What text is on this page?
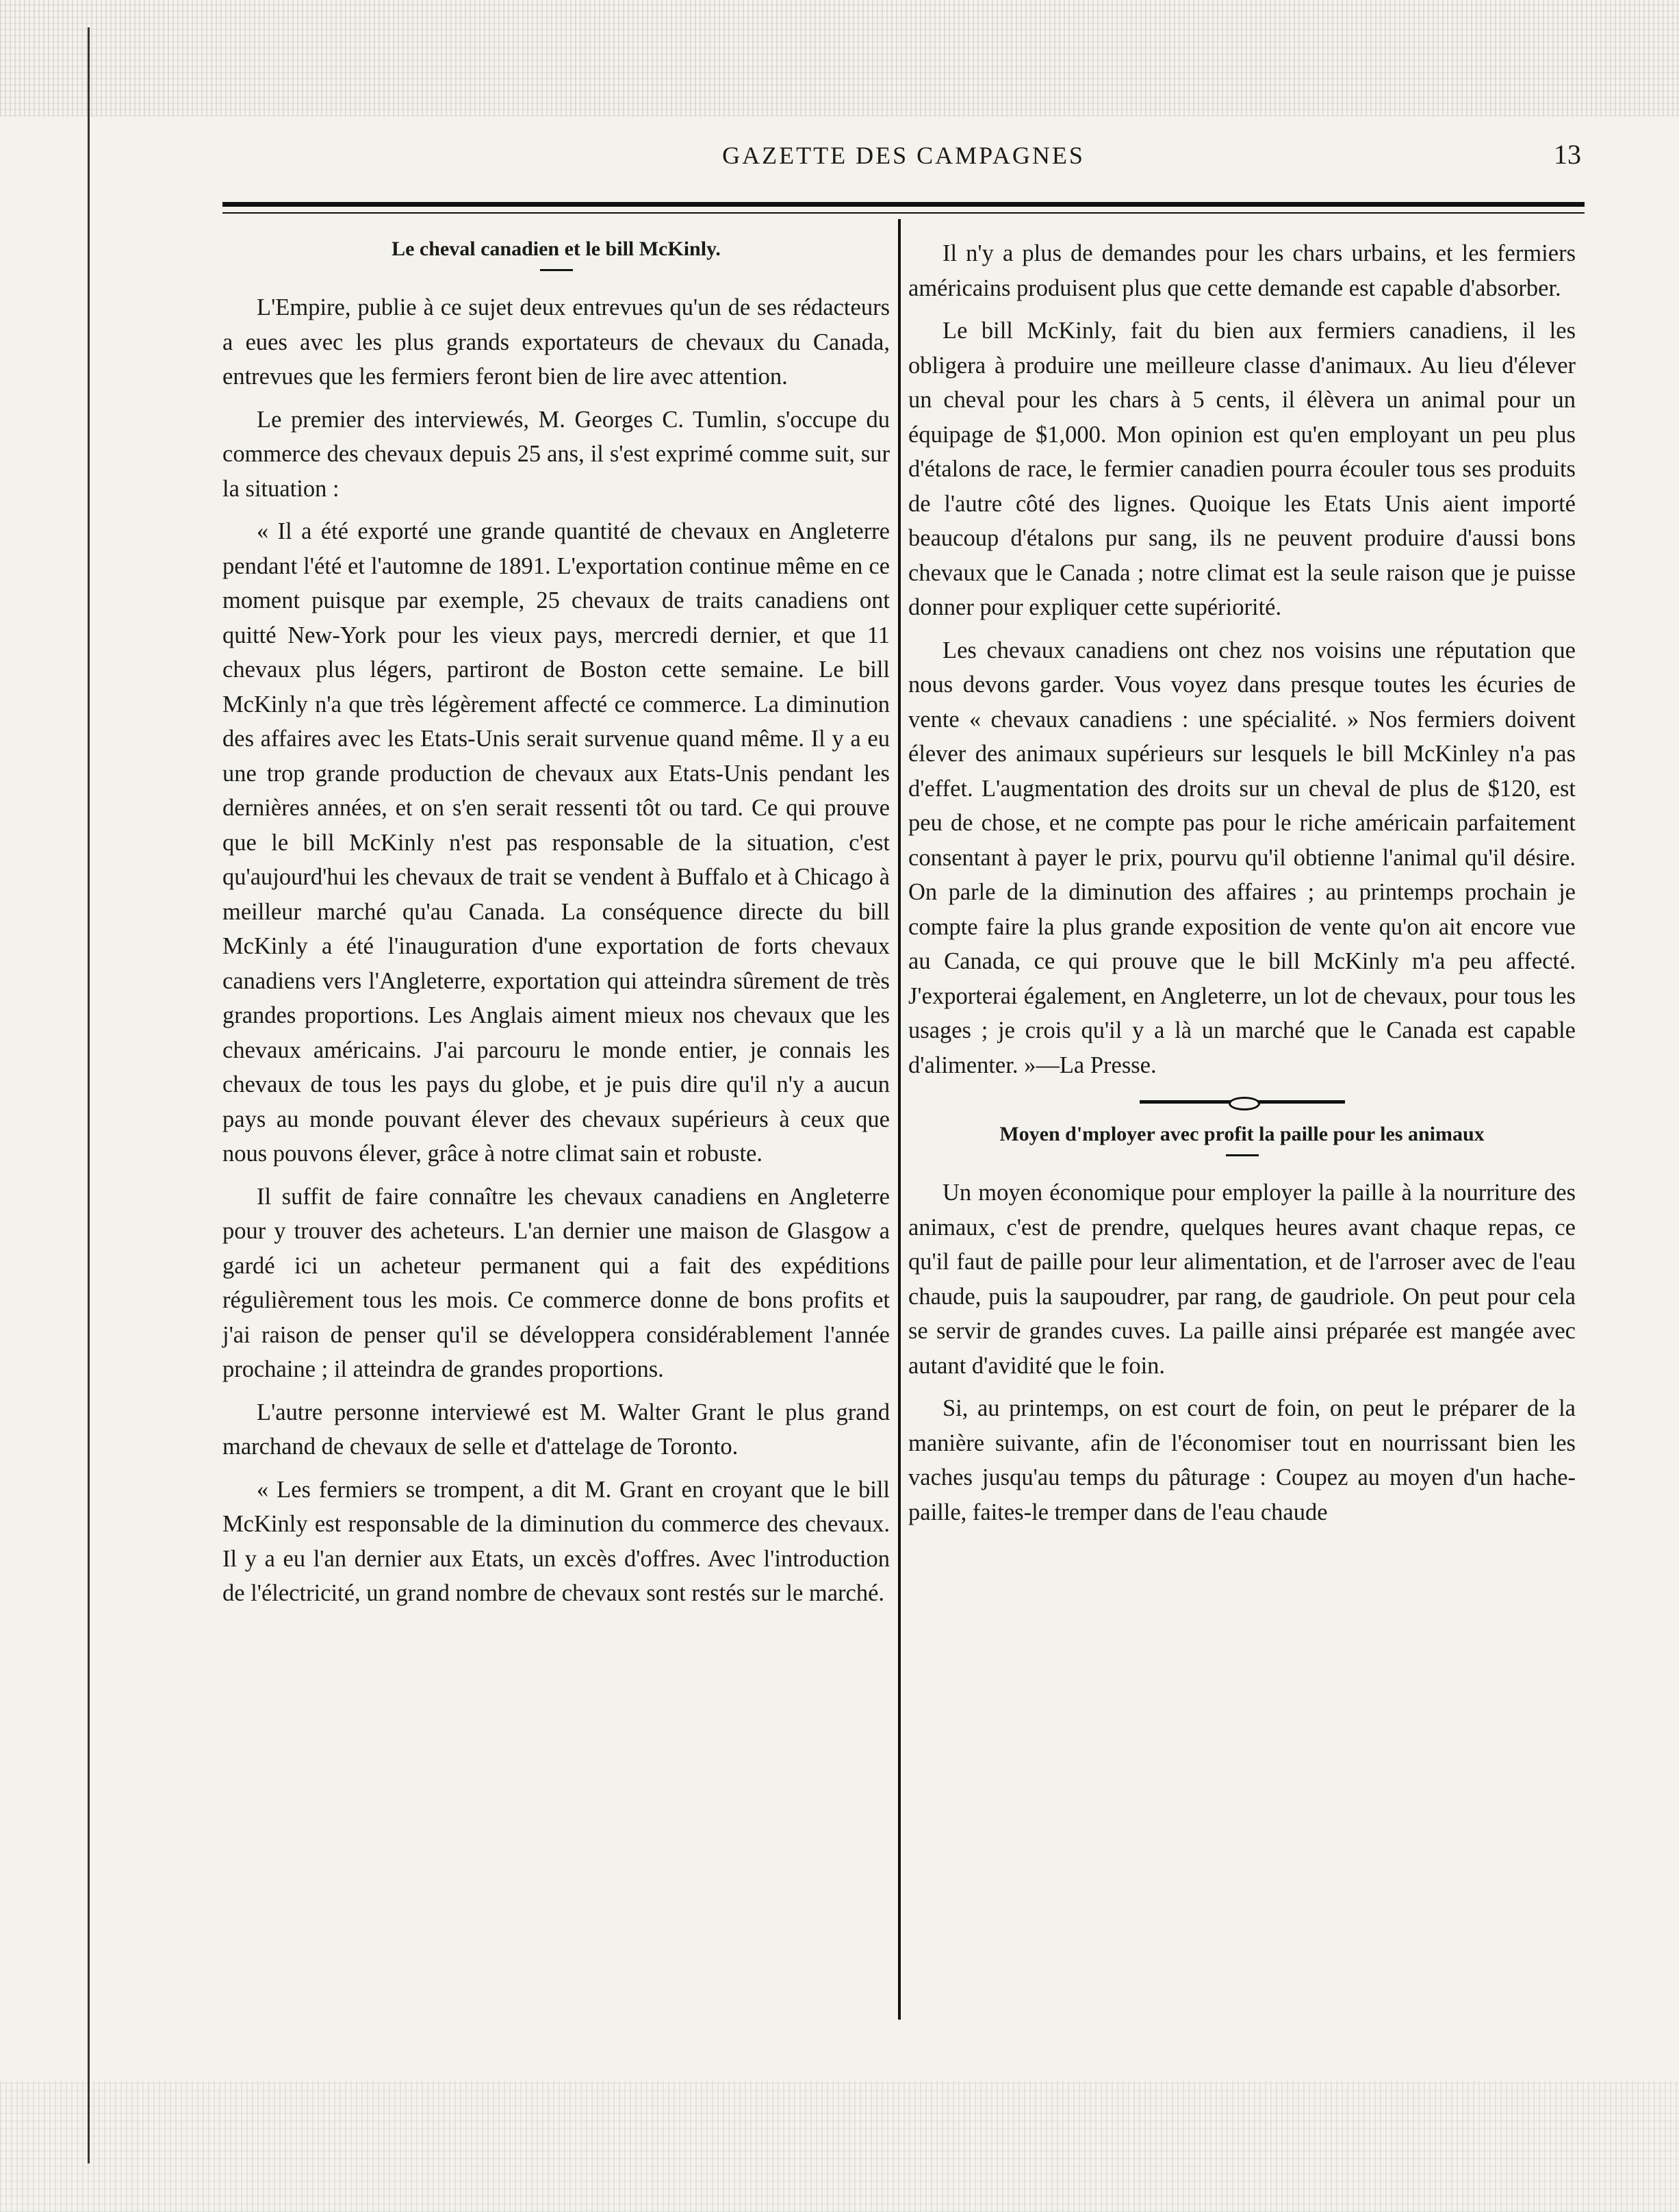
GAZETTE DES CAMPAGNES	13
Le cheval canadien et le bill McKinly.

L'Empire, publie à ce sujet deux entrevues qu'un de ses rédacteurs a eues avec les plus grands exportateurs de chevaux du Canada, entrevues que les fermiers feront bien de lire avec attention.

Le premier des interviewés, M. Georges C. Tumlin, s'occupe du commerce des chevaux depuis 25 ans, il s'est exprimé comme suit, sur la situation :

« Il a été exporté une grande quantité de chevaux en Angleterre pendant l'été et l'automne de 1891. L'exportation continue même en ce moment puisque par exemple, 25 chevaux de traits canadiens ont quitté New-York pour les vieux pays, mercredi dernier, et que 11 chevaux plus légers, partiront de Boston cette semaine. Le bill McKinly n'a que très légèrement affecté ce commerce. La diminution des affaires avec les Etats-Unis serait survenue quand même. Il y a eu une trop grande production de chevaux aux Etats-Unis pendant les dernières années, et on s'en serait ressenti tôt ou tard. Ce qui prouve que le bill McKinly n'est pas responsable de la situation, c'est qu'aujourd'hui les chevaux de trait se vendent à Buffalo et à Chicago à meilleur marché qu'au Canada. La conséquence directe du bill McKinly a été l'inauguration d'une exportation de forts chevaux canadiens vers l'Angleterre, exportation qui atteindra sûrement de très grandes proportions. Les Anglais aiment mieux nos chevaux que les chevaux américains. J'ai parcouru le monde entier, je connais les chevaux de tous les pays du globe, et je puis dire qu'il n'y a aucun pays au monde pouvant élever des chevaux supérieurs à ceux que nous pouvons élever, grâce à notre climat sain et robuste.

Il suffit de faire connaître les chevaux canadiens en Angleterre pour y trouver des acheteurs. L'an dernier une maison de Glasgow a gardé ici un acheteur permanent qui a fait des expéditions régulièrement tous les mois. Ce commerce donne de bons profits et j'ai raison de penser qu'il se développera considérablement l'année prochaine ; il atteindra de grandes proportions.

L'autre personne interviewé est M. Walter Grant le plus grand marchand de chevaux de selle et d'attelage de Toronto.

« Les fermiers se trompent, a dit M. Grant en croyant que le bill McKinly est responsable de la diminution du commerce des chevaux. Il y a eu l'an dernier aux Etats, un excès d'offres. Avec l'introduction de l'électricité, un grand nombre de chevaux sont restés sur le marché.

Il n'y a plus de demandes pour les chars urbains, et les fermiers américains produisent plus que cette demande est capable d'absorber.

Le bill McKinly, fait du bien aux fermiers canadiens, il les obligera à produire une meilleure classe d'animaux. Au lieu d'élever un cheval pour les chars à 5 cents, il élèvera un animal pour un équipage de $1,000. Mon opinion est qu'en employant un peu plus d'étalons de race, le fermier canadien pourra écouler tous ses produits de l'autre côté des lignes. Quoique les Etats Unis aient importé beaucoup d'étalons pur sang, ils ne peuvent produire d'aussi bons chevaux que le Canada ; notre climat est la seule raison que je puisse donner pour expliquer cette supériorité.

Les chevaux canadiens ont chez nos voisins une réputation que nous devons garder. Vous voyez dans presque toutes les écuries de vente « chevaux canadiens : une spécialité. » Nos fermiers doivent élever des animaux supérieurs sur lesquels le bill McKinley n'a pas d'effet. L'augmentation des droits sur un cheval de plus de $120, est peu de chose, et ne compte pas pour le riche américain parfaitement consentant à payer le prix, pourvu qu'il obtienne l'animal qu'il désire. On parle de la diminution des affaires ; au printemps prochain je compte faire la plus grande exposition de vente qu'on ait encore vue au Canada, ce qui prouve que le bill McKinly m'a peu affecté. J'exporterai également, en Angleterre, un lot de chevaux, pour tous les usages ; je crois qu'il y a là un marché que le Canada est capable d'alimenter. »—La Presse.

Moyen d'mployer avec profit la paille pour les animaux

Un moyen économique pour employer la paille à la nourriture des animaux, c'est de prendre, quelques heures avant chaque repas, ce qu'il faut de paille pour leur alimentation, et de l'arroser avec de l'eau chaude, puis la saupoudrer, par rang, de gaudriole. On peut pour cela se servir de grandes cuves. La paille ainsi préparée est mangée avec autant d'avidité que le foin.

Si, au printemps, on est court de foin, on peut le préparer de la manière suivante, afin de l'économiser tout en nourrissant bien les vaches jusqu'au temps du pâturage : Coupez au moyen d'un hache-paille, faites-le tremper dans de l'eau chaude
